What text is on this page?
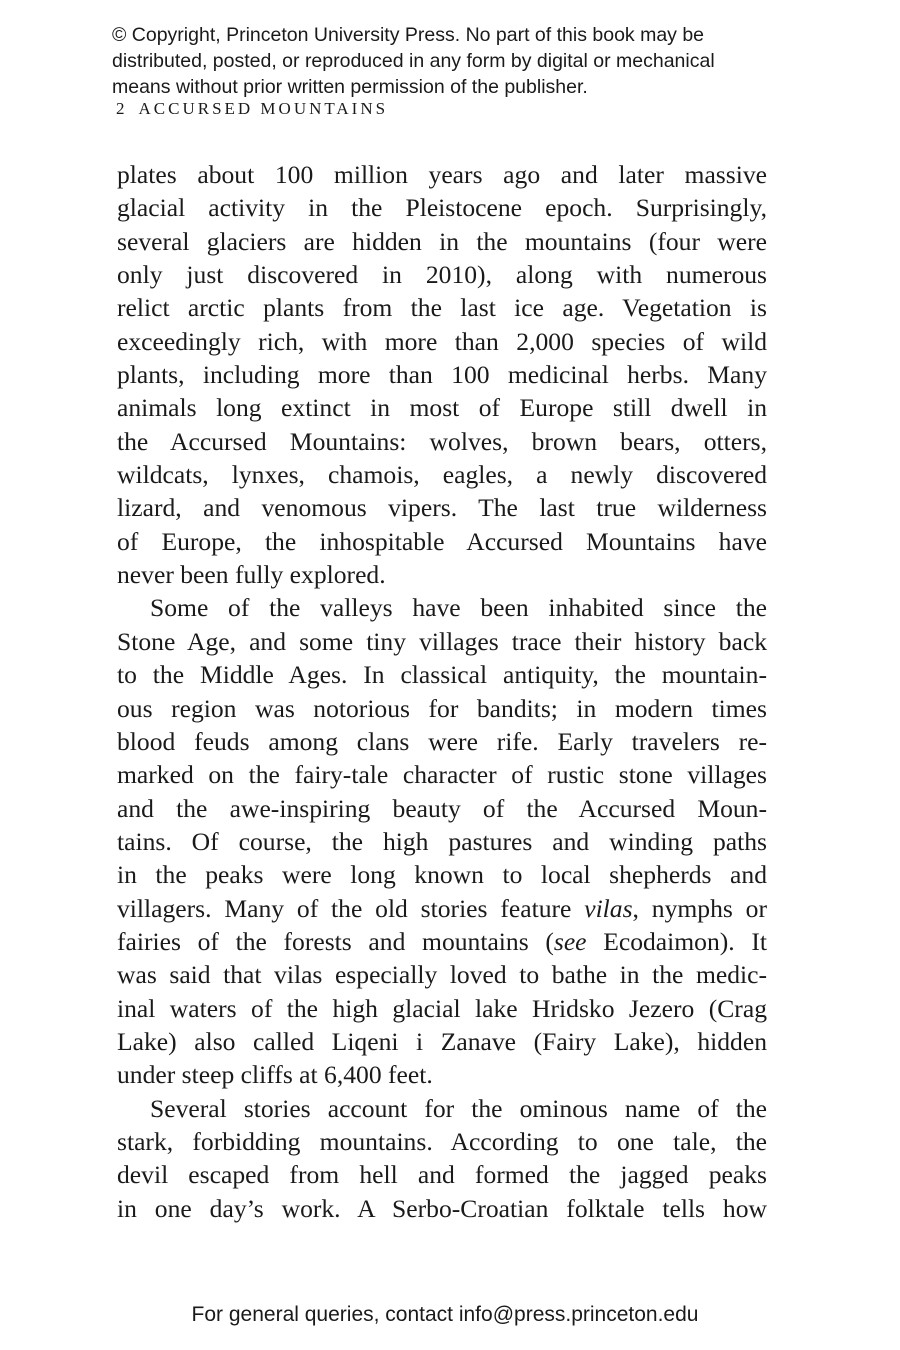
© Copyright, Princeton University Press. No part of this book may be
distributed, posted, or reproduced in any form by digital or mechanical
means without prior written permission of the publisher.
2 ACCURSED MOUNTAINS
plates about 100 million years ago and later massive
glacial activity in the Pleistocene epoch. Surprisingly,
several glaciers are hidden in the mountains (four were
only just discovered in 2010), along with numerous
relict arctic plants from the last ice age. Vegetation is
exceedingly rich, with more than 2,000 species of wild
plants, including more than 100 medicinal herbs. Many
animals long extinct in most of Europe still dwell in
the Accursed Mountains: wolves, brown bears, otters,
wildcats, lynxes, chamois, eagles, a newly discovered
lizard, and venomous vipers. The last true wilderness
of Europe, the inhospitable Accursed Mountains have
never been fully explored.
Some of the valleys have been inhabited since the
Stone Age, and some tiny villages trace their history back
to the Middle Ages. In classical antiquity, the mountain-
ous region was notorious for bandits; in modern times
blood feuds among clans were rife. Early travelers re-
marked on the fairy-tale character of rustic stone villages
and the awe-inspiring beauty of the Accursed Moun-
tains. Of course, the high pastures and winding paths
in the peaks were long known to local shepherds and
villagers. Many of the old stories feature vilas, nymphs or
fairies of the forests and mountains (see Ecodaimon). It
was said that vilas especially loved to bathe in the medic-
inal waters of the high glacial lake Hridsko Jezero (Crag
Lake) also called Liqeni i Zanave (Fairy Lake), hidden
under steep cliffs at 6,400 feet.
Several stories account for the ominous name of the
stark, forbidding mountains. According to one tale, the
devil escaped from hell and formed the jagged peaks
in one day’s work. A Serbo-Croatian folktale tells how
For general queries, contact info@press.princeton.edu
